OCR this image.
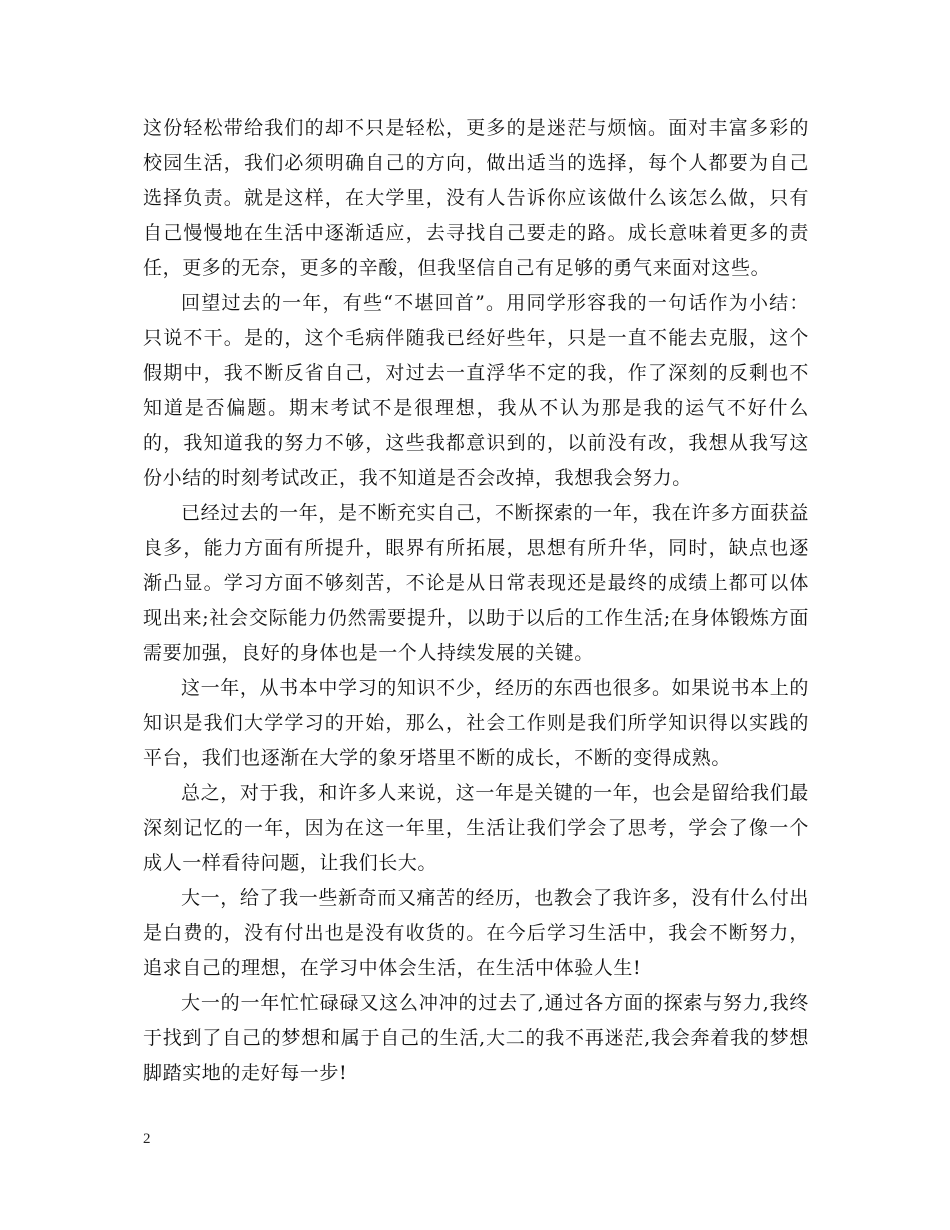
这份轻松带给我们的却不只是轻松，更多的是迷茫与烦恼。面对丰富多彩的校园生活，我们必须明确自己的方向，做出适当的选择，每个人都要为自己选择负责。就是这样，在大学里，没有人告诉你应该做什么该怎么做，只有自己慢慢地在生活中逐渐适应，去寻找自己要走的路。成长意味着更多的责任，更多的无奈，更多的辛酸，但我坚信自己有足够的勇气来面对这些。

回望过去的一年，有些“不堪回首”。用同学形容我的一句话作为小结：只说不干。是的，这个毛病伴随我已经好些年，只是一直不能去克服，这个假期中，我不断反省自己，对过去一直浮华不定的我，作了深刻的反剩也不知道是否偏题。期末考试不是很理想，我从不认为那是我的运气不好什么的，我知道我的努力不够，这些我都意识到的，以前没有改，我想从我写这份小结的时刻考试改正，我不知道是否会改掉，我想我会努力。

已经过去的一年，是不断充实自己，不断探索的一年，我在许多方面获益良多，能力方面有所提升，眼界有所拓展，思想有所升华，同时，缺点也逐渐凸显。学习方面不够刻苦，不论是从日常表现还是最终的成绩上都可以体现出来;社会交际能力仍然需要提升，以助于以后的工作生活;在身体锻炼方面需要加强，良好的身体也是一个人持续发展的关键。

这一年，从书本中学习的知识不少，经历的东西也很多。如果说书本上的知识是我们大学学习的开始，那么，社会工作则是我们所学知识得以实践的平台，我们也逐渐在大学的象牙塔里不断的成长，不断的变得成熟。

总之，对于我，和许多人来说，这一年是关键的一年，也会是留给我们最深刻记忆的一年，因为在这一年里，生活让我们学会了思考，学会了像一个成人一样看待问题，让我们长大。

大一，给了我一些新奇而又痛苦的经历，也教会了我许多，没有什么付出是白费的，没有付出也是没有收货的。在今后学习生活中，我会不断努力，追求自己的理想，在学习中体会生活，在生活中体验人生!

大一的一年忙忙碌碌又这么冲冲的过去了,通过各方面的探索与努力,我终于找到了自己的梦想和属于自己的生活,大二的我不再迷茫,我会奔着我的梦想脚踏实地的走好每一步!

2
